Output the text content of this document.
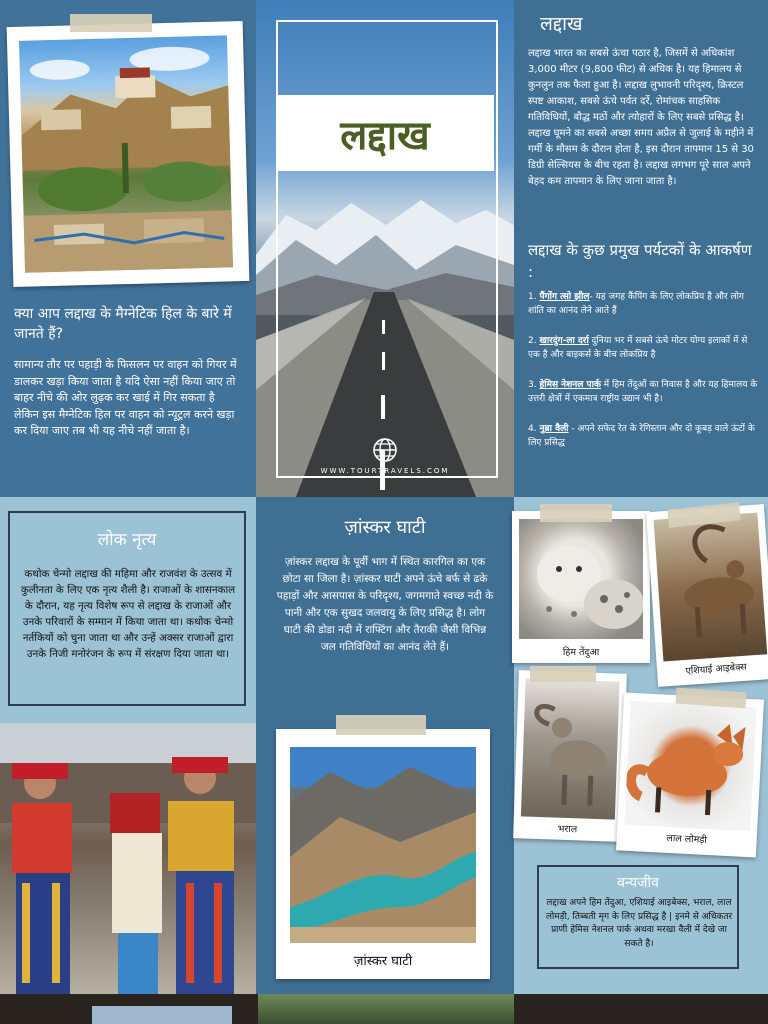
क्या आप लद्दाख के मैग्नेटिक हिल के बारे में जानते हैं?
सामान्य तौर पर पहाड़ी के फिसलन पर वाहन को गियर में डालकर खड़ा किया जाता है यदि ऐसा नहीं किया जाए तो बाहर नीचे की ओर लुढ़क कर खाई में गिर सकता है लेकिन इस मैग्नेटिक हिल पर वाहन को न्यूट्रल करने खड़ा कर दिया जाए तब भी यह नीचे नहीं जाता है।
लद्दाख
WWW.TOURTRAVELS.COM
लद्दाख
लद्दाख भारत का सबसे ऊंचा पठार है, जिसमें से अधिकांश 3,000 मीटर (9,800 फीट) से अधिक है। यह हिमालय से कुनलुन तक फैला हुआ है। लद्दाख लुभावनी परिदृश्य, क्रिस्टल स्पष्ट आकाश, सबसे ऊंचे पर्वत दर्रे, रोमांचक साहसिक गतिविधियों, बौद्ध मठों और त्योहारों के लिए सबसे प्रसिद्ध है। लद्दाख घूमने का सबसे अच्छा समय अप्रैल से जुलाई के महीने में गर्मी के मौसम के दौरान होता है, इस दौरान तापमान 15 से 30 डिग्री सेल्सियस के बीच रहता है। लद्दाख लगभग पूरे साल अपने बेहद कम तापमान के लिए जाना जाता है।
लद्दाख के कुछ प्रमुख पर्यटकों के आकर्षण :
1. पैंगोंग त्सो झील- यह जगह कैंपिंग के लिए लोकप्रिय है और लोग शांति का आनंद लेने आते हैं
2. खारदुंग-ला दर्रा दुनिया भर में सबसे ऊंचे मोटर योग्य इलाकों में से एक है और बाइकर्स के बीच लोकप्रिय है
3. हेमिस नेशनल पार्क में हिम तेंदुओं का निवास है और यह हिमालय के उत्तरी क्षेत्रों में एकमात्र राष्ट्रीय उद्यान भी है।
4. नुब्रा वैली - अपने सफेद रेत के रेगिस्तान और दो कूबड़ वाले ऊंटों के लिए प्रसिद्ध
लोक नृत्य
कथोक चेन्मो लद्दाख की महिमा और राजवंश के उत्सव में कुलीनता के लिए एक नृत्य शैली है। राजाओं के शासनकाल के दौरान, यह नृत्य विशेष रूप से लद्दाख के राजाओं और उनके परिवारों के सम्मान में किया जाता था। कथोक चेन्मो नर्तकियों को चुना जाता था और उन्हें अक्सर राजाओं द्वारा उनके निजी मनोरंजन के रूप में संरक्षण दिया जाता था।
ज़ांस्कर घाटी
ज़ांस्कर लद्दाख के पूर्वी भाग में स्थित कारगिल का एक छोटा सा जिला है। ज़ांस्कर घाटी अपने ऊंचे बर्फ से ढके पहाड़ों और आसपास के परिदृश्य, जगमगाते स्वच्छ नदी के पानी और एक सुखद जलवायु के लिए प्रसिद्ध है। लोग घाटी की डोडा नदी में राफ्टिंग और तैराकी जैसी विभिन्न जल गतिविधियों का आनंद लेते हैं।
ज़ांस्कर घाटी
हिम तेंदुआ
एशियाई आइबेक्स
भराल
लाल लोमड़ी
वन्यजीव
लद्दाख अपने हिम तेंदुआ, एशियाई आइबेक्स, भराल, लाल लोमड़ी, तिब्बती मृग के लिए प्रसिद्ध है | इनमे से अधिकतर प्राणी हेमिस नेशनल पार्क अथवा मरखा वैली में देखे जा सकते है।
